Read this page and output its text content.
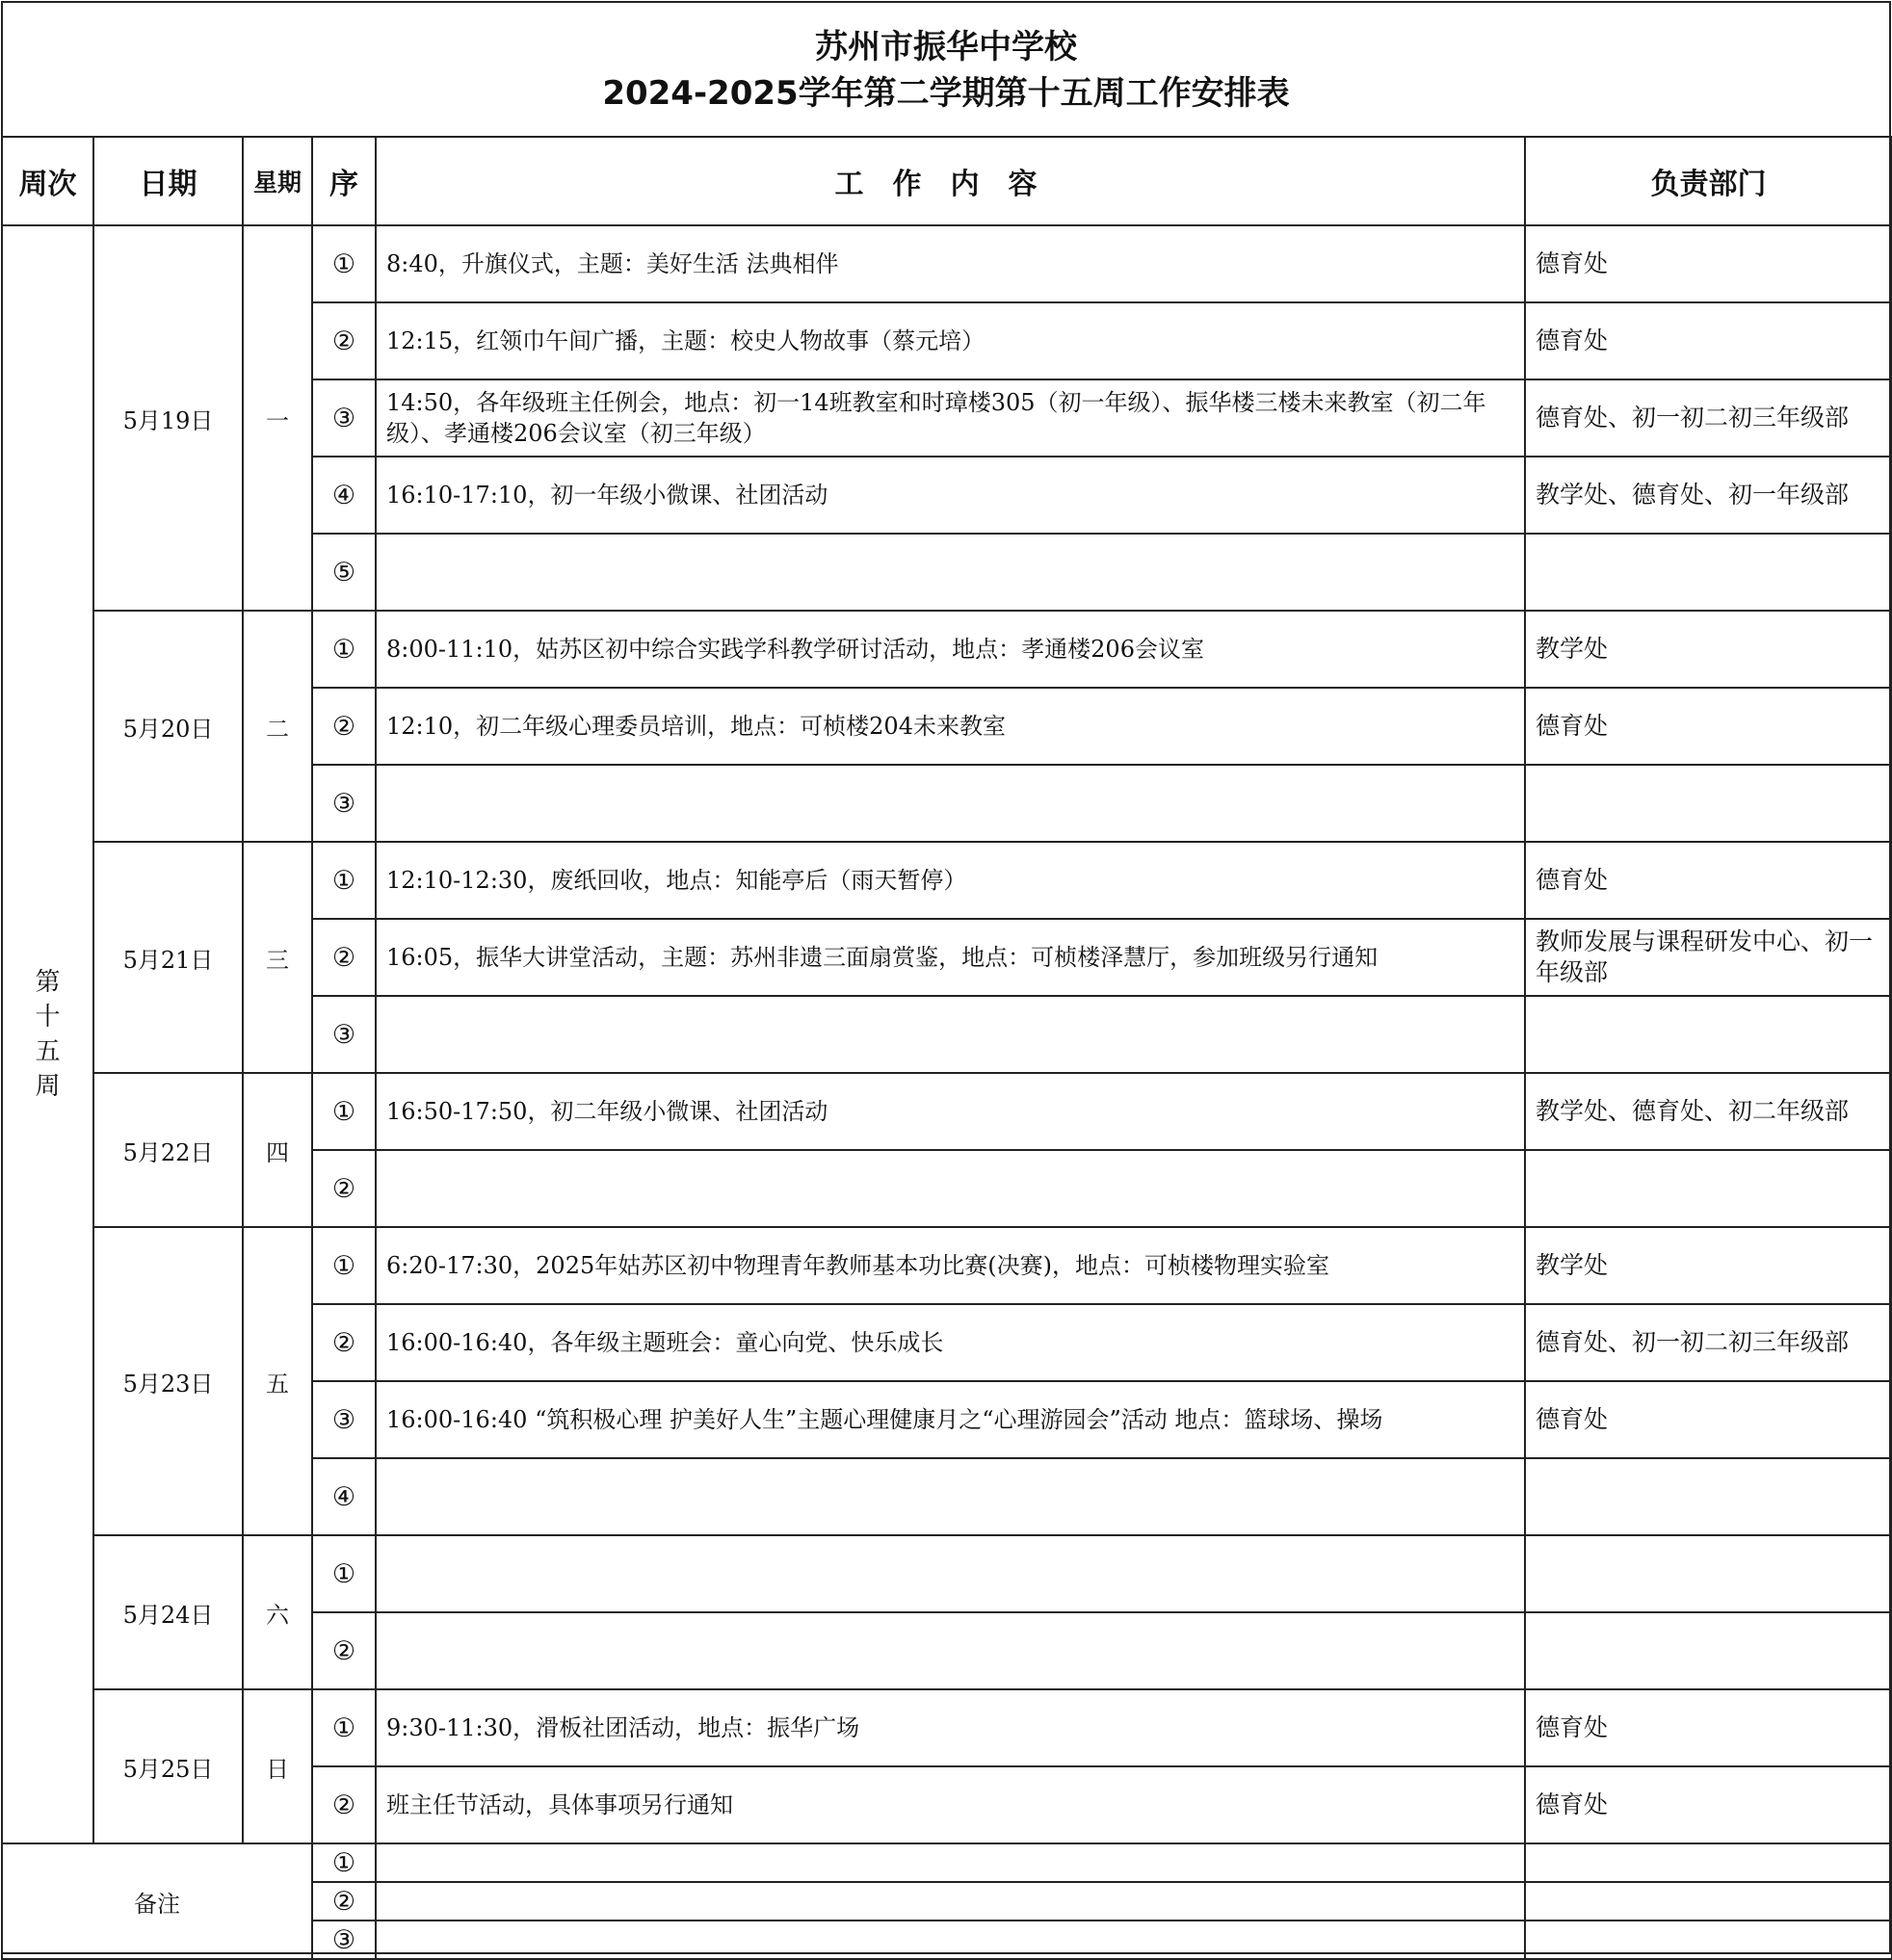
苏州市振华中学校
2024-2025学年第二学期第十五周工作安排表
周次	日期	星期	序	工作内容	负责部门
第十五周	5月19日	一	①	8:40，升旗仪式，主题：美好生活 法典相伴	德育处
			②	12:15，红领巾午间广播，主题：校史人物故事（蔡元培）	德育处
			③	14:50，各年级班主任例会，地点：初一14班教室和时璋楼305（初一年级）、振华楼三楼未来教室（初二年级）、孝通楼206会议室（初三年级）	德育处、初一初二初三年级部
			④	16:10-17:10，初一年级小微课、社团活动	教学处、德育处、初一年级部
			⑤		
	5月20日	二	①	8:00-11:10，姑苏区初中综合实践学科教学研讨活动，地点：孝通楼206会议室	教学处
			②	12:10，初二年级心理委员培训，地点：可桢楼204未来教室	德育处
			③		
	5月21日	三	①	12:10-12:30，废纸回收，地点：知能亭后（雨天暂停）	德育处
			②	16:05，振华大讲堂活动，主题：苏州非遗三面扇赏鉴，地点：可桢楼泽慧厅，参加班级另行通知	教师发展与课程研发中心、初一年级部
			③		
	5月22日	四	①	16:50-17:50，初二年级小微课、社团活动	教学处、德育处、初二年级部
			②		
	5月23日	五	①	6:20-17:30，2025年姑苏区初中物理青年教师基本功比赛(决赛)，地点：可桢楼物理实验室	教学处
			②	16:00-16:40，各年级主题班会：童心向党、快乐成长	德育处、初一初二初三年级部
			③	16:00-16:40 “筑积极心理 护美好人生”主题心理健康月之“心理游园会”活动 地点：篮球场、操场	德育处
			④		
	5月24日	六	①		
			②		
	5月25日	日	①	9:30-11:30，滑板社团活动，地点：振华广场	德育处
			②	班主任节活动，具体事项另行通知	德育处
备注			①		
			②		
			③		
